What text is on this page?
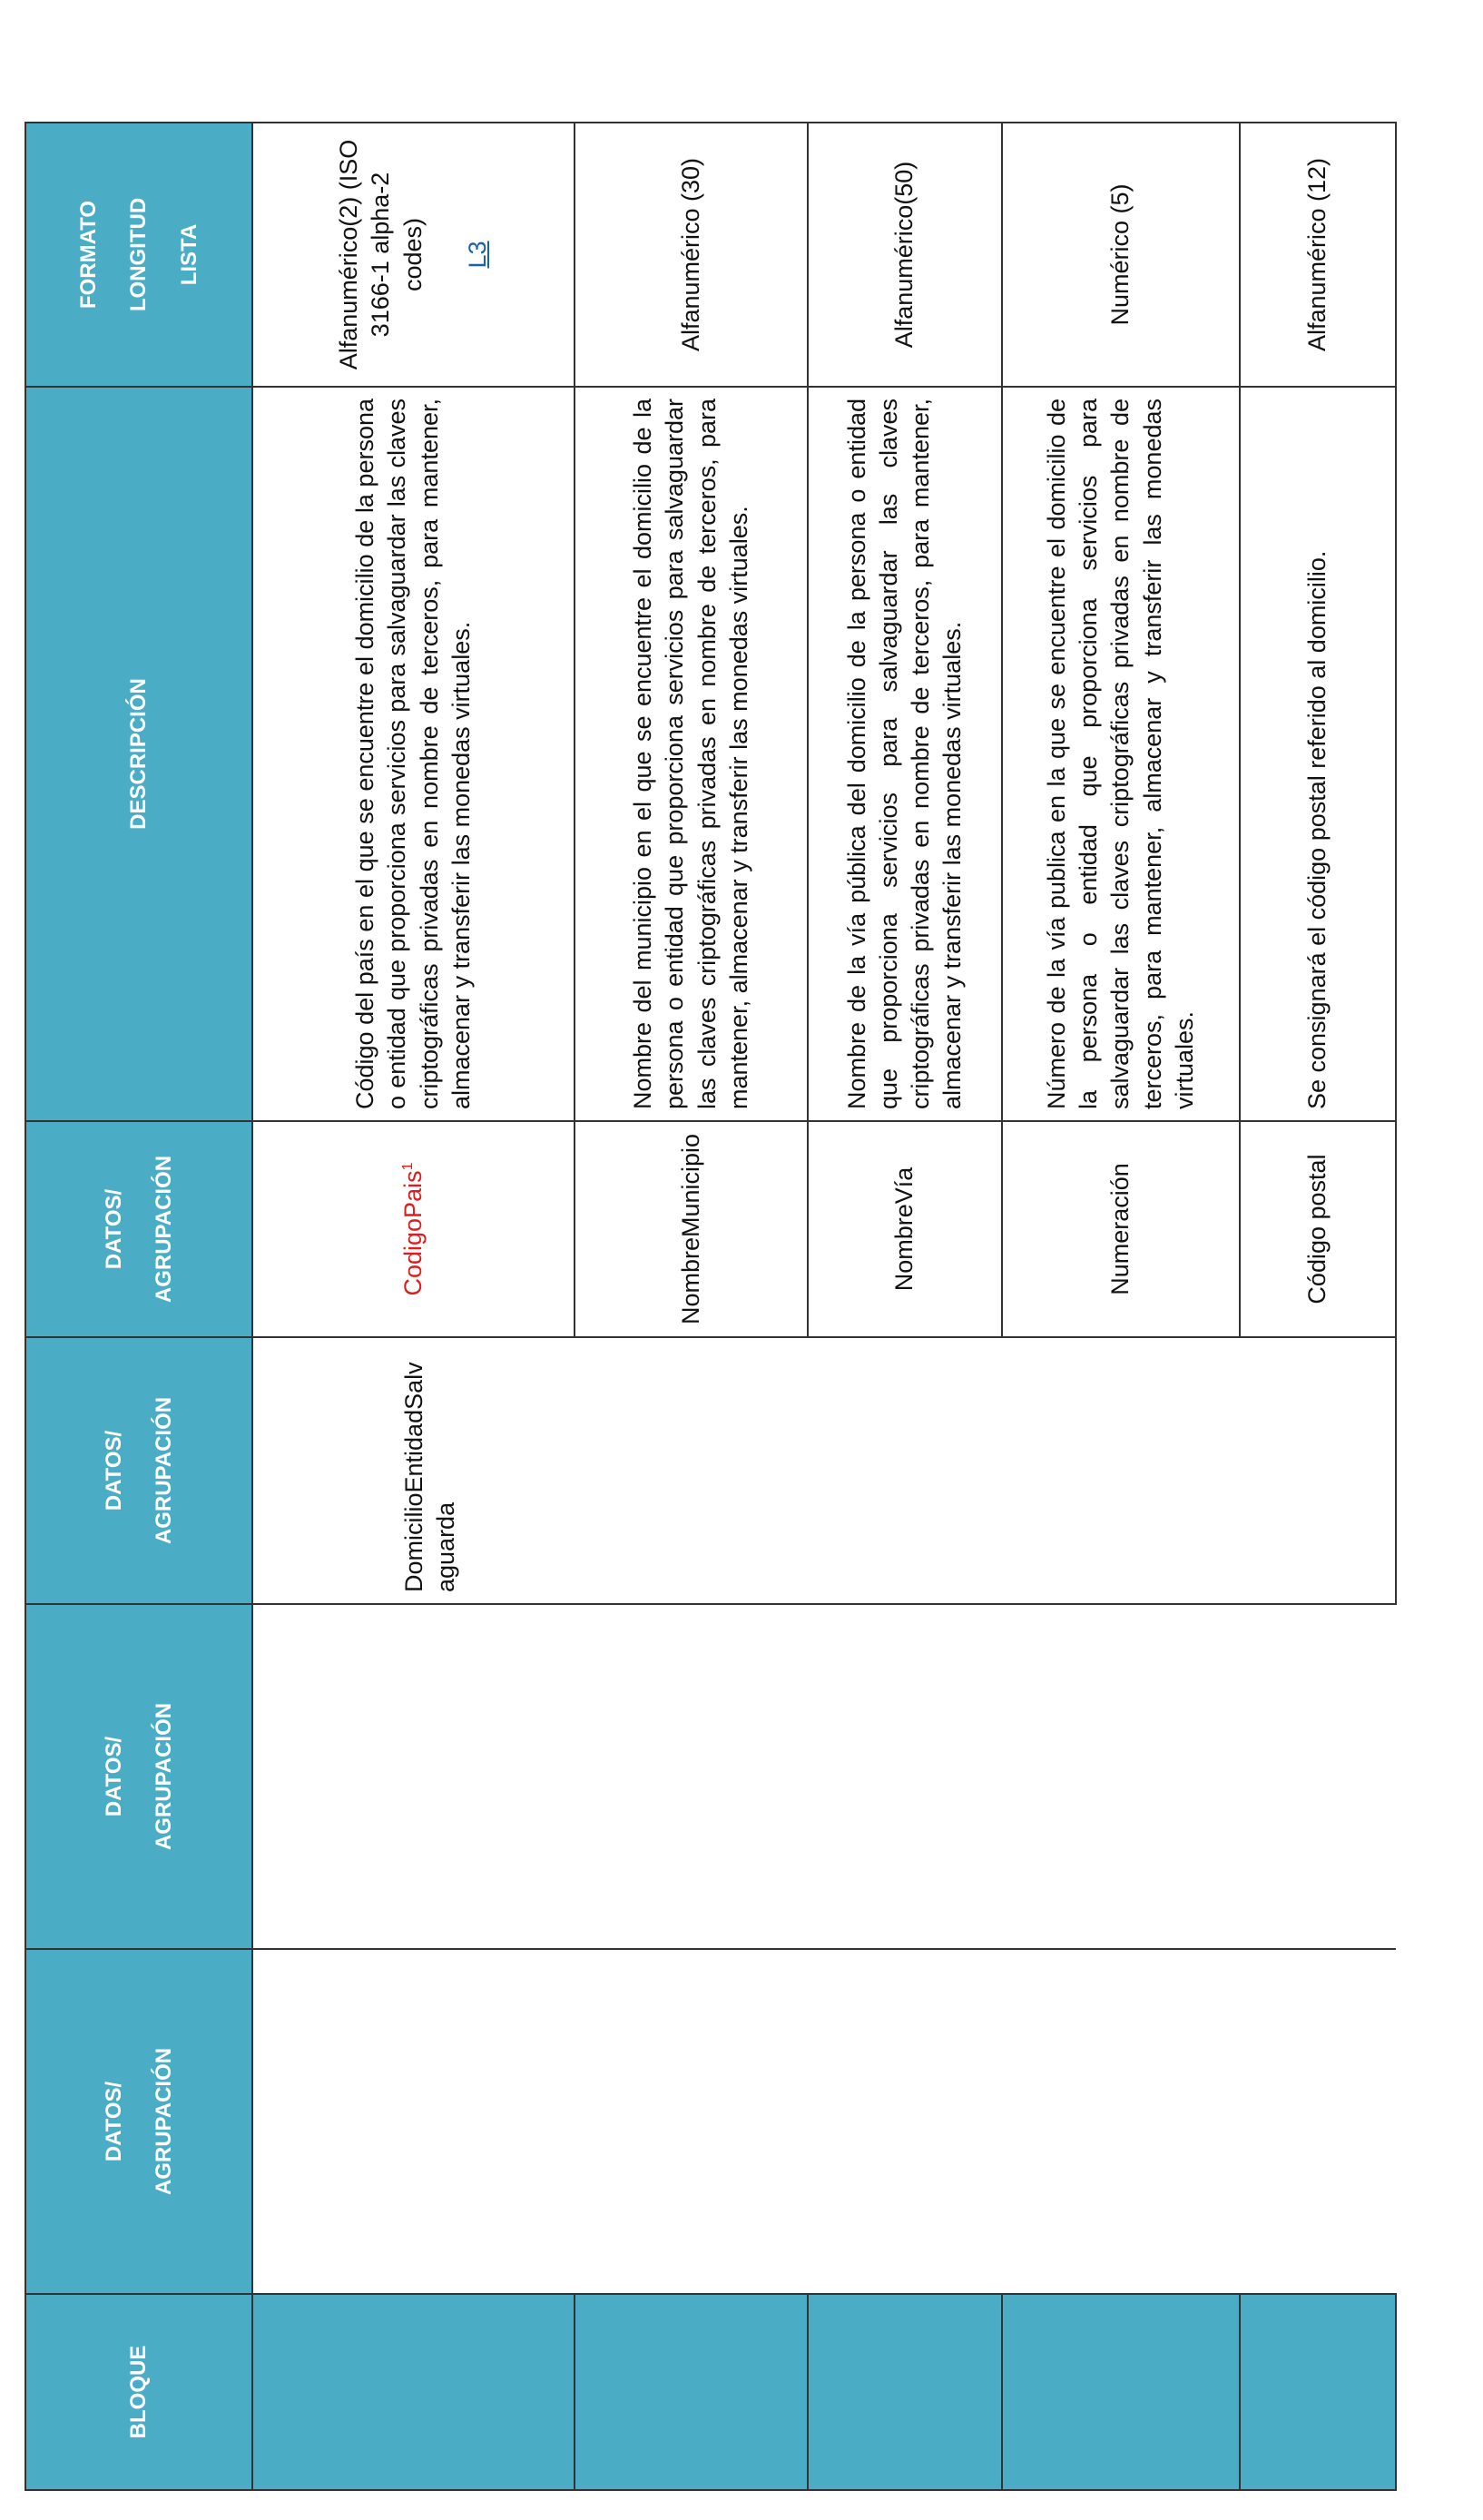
BLOQUE	DATOS/ AGRUPACIÓN	DATOS/ AGRUPACIÓN	DATOS/ AGRUPACIÓN	DATOS/ AGRUPACIÓN	DESCRIPCIÓN	FORMATO LONGITUD LISTA

			DomicilioEntidadSalvaguarda	CodigoPais$^1$	Código del país en el que se encuentre el domicilio de la persona o entidad que proporciona servicios para salvaguardar las claves criptográficas privadas en nombre de terceros, para mantener, almacenar y transferir las monedas virtuales.	Alfanumérico(2) (ISO 3166-1 alpha-2 codes) L3
				NombreMunicipio	Nombre del municipio en el que se encuentre el domicilio de la persona o entidad que proporciona servicios para salvaguardar las claves criptográficas privadas en nombre de terceros, para mantener, almacenar y transferir las monedas virtuales.	Alfanumérico (30)
				NombreVía	Nombre de la vía pública del domicilio de la persona o entidad que proporciona servicios para salvaguardar las claves criptográficas privadas en nombre de terceros, para mantener, almacenar y transferir las monedas virtuales.	Alfanumérico(50)
				Numeración	Número de la vía publica en la que se encuentre el domicilio de la persona o entidad que proporciona servicios para salvaguardar las claves criptográficas privadas en nombre de terceros, para mantener, almacenar y transferir las monedas virtuales.	Numérico (5)
				Código postal	Se consignará el código postal referido al domicilio.	Alfanumérico (12)
